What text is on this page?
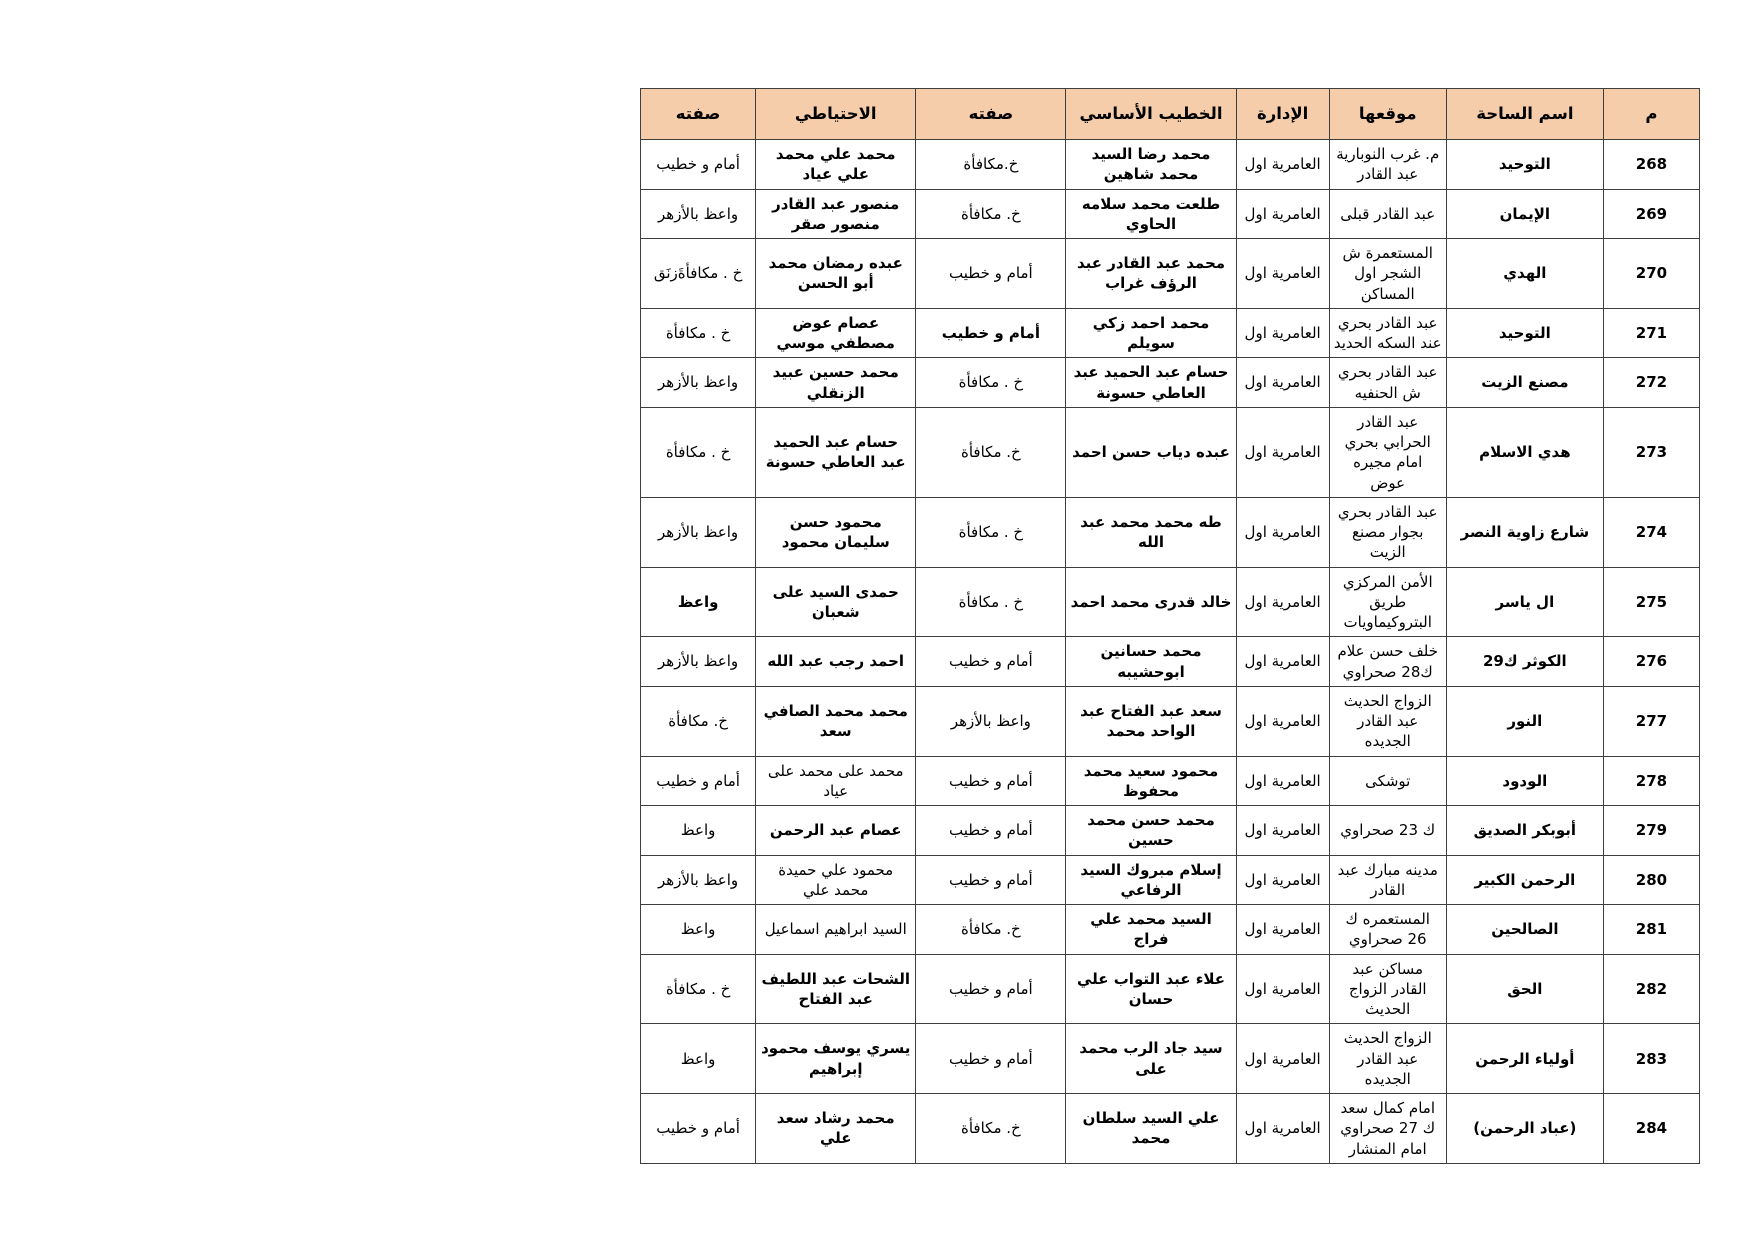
م	اسم الساحة	موقعها	الإدارة	الخطيب الأساسي	صفته	الاحتياطي	صفته
268	التوحيد	م. غرب النوبارية عبد القادر	العامرية اول	محمد رضا السيد محمد شاهين	خ.مكافأة	محمد علي محمد علي عياد	أمام و خطيب
269	الإيمان	عبد القادر قبلى	العامرية اول	طلعت محمد سلامه الحاوي	خ. مكافأة	منصور عبد القادر منصور صقر	واعظ بالأزهر
270	الهدي	المستعمرة ش الشجر اول المساكن	العامرية اول	محمد عبد القادر عبد الرؤف غراب	أمام و خطيب	عبده رمضان محمد أبو الحسن	خ . مكافأةَزنَق
271	التوحيد	عبد القادر بحري عند السكه الحديد	العامرية اول	محمد احمد زكي سويلم	أمام و خطيب	عصام عوض مصطفي موسي	خ . مكافأة
272	مصنع الزيت	عبد القادر بحري ش الحنفيه	العامرية اول	حسام عبد الحميد عبد العاطي حسونة	خ . مكافأة	محمد حسين عبيد الزنقلي	واعظ بالأزهر
273	هدي الاسلام	عبد القادر الحرابي بحري امام مجيره عوض	العامرية اول	عبده دياب حسن احمد	خ. مكافأة	حسام عبد الحميد عبد العاطي حسونة	خ . مكافأة
274	شارع زاوية النصر	عبد القادر بحري بجوار مصنع الزيت	العامرية اول	طه محمد محمد عبد الله	خ . مكافأة	محمود حسن سليمان محمود	واعظ بالأزهر
275	ال ياسر	الأمن المركزي طريق البتروكيماويات	العامرية اول	خالد قدرى محمد احمد	خ . مكافأة	حمدى السيد على شعبان	واعظ
276	الكوثر ك29	خلف حسن علام ك28 صحراوي	العامرية اول	محمد حسانين ابوحشيبه	أمام و خطيب	احمد رجب عبد الله	واعظ بالأزهر
277	النور	الزواج الحديث عبد القادر الجديده	العامرية اول	سعد عبد الفتاح عبد الواحد محمد	واعظ بالأزهر	محمد محمد الصافي سعد	خ. مكافأة
278	الودود	توشكى	العامرية اول	محمود سعيد محمد محفوظ	أمام و خطيب	محمد على محمد على عياد	أمام و خطيب
279	أبوبكر الصديق	ك 23 صحراوي	العامرية اول	محمد حسن محمد حسين	أمام و خطيب	عصام عبد الرحمن	واعظ
280	الرحمن الكبير	مدينه مبارك عبد القادر	العامرية اول	إسلام مبروك السيد الرفاعي	أمام و خطيب	محمود علي حميدة محمد علي	واعظ بالأزهر
281	الصالحين	المستعمره ك 26 صحراوي	العامرية اول	السيد محمد علي فراج	خ. مكافأة	السيد ابراهيم اسماعيل	واعظ
282	الحق	مساكن عبد القادر الزواج الحديث	العامرية اول	علاء عبد التواب علي حسان	أمام و خطيب	الشحات عبد اللطيف عبد الفتاح	خ . مكافأة
283	أولياء الرحمن	الزواج الحديث عبد القادر الجديده	العامرية اول	سيد جاد الرب محمد على	أمام و خطيب	يسري يوسف محمود إبراهيم	واعظ
284	(عباد الرحمن)	امام كمال سعد ك 27 صحراوي امام المنشار	العامرية اول	علي السيد سلطان محمد	خ. مكافأة	محمد رشاد سعد علي	أمام و خطيب
